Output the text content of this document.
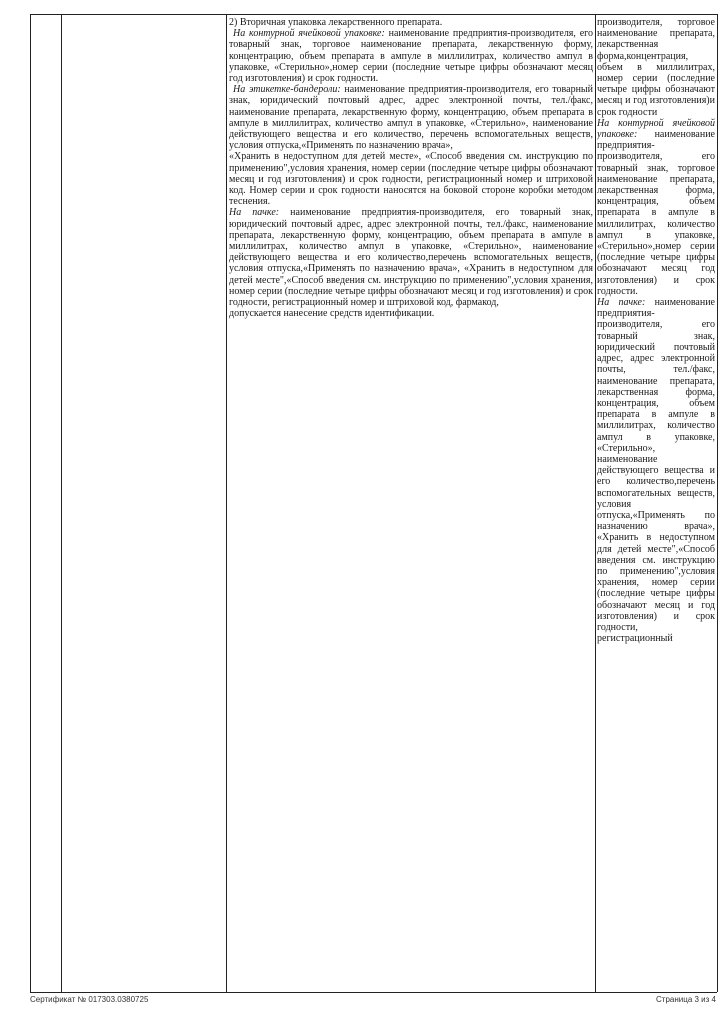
2) Вторичная упаковка лекарственного препарата.

На контурной ячейковой упаковке: наименование предприятия-производителя, его товарный знак, торговое наименование препарата, лекарственную форму, концентрацию, объем препарата в ампуле в миллилитрах, количество ампул в упаковке, «Стерильно»,номер серии (последние четыре цифры обозначают месяц год изготовления) и срок годности.

На этикетке-бандероли: наименование предприятия-производителя, его товарный знак, юридический почтовый адрес, адрес электронной почты, тел./факс, наименование препарата, лекарственную форму, концентрацию, объем препарата в ампуле в миллилитрах, количество ампул в упаковке, «Стерильно», наименование действующего вещества и его количество, перечень вспомогательных веществ, условия отпуска,«Применять по назначению врача»,

«Хранить в недоступном для детей месте», «Способ введения см. инструкцию по применению",условия хранения, номер серии (последние четыре цифры обозначают месяц и год изготовления) и срок годности, регистрационный номер и штриховой код. Номер серии и срок годности наносятся на боковой стороне коробки методом теснения.

На пачке: наименование предприятия-производителя, его товарный знак, юридический почтовый адрес, адрес электронной почты, тел./факс, наименование препарата, лекарственную форму, концентрацию, объем препарата в ампуле в миллилитрах, количество ампул в упаковке, «Стерильно», наименование действующего вещества и его количество,перечень вспомогательных веществ, условия отпуска,«Применять по назначению врача», «Хранить в недоступном для детей месте",«Способ введения см. инструкцию по применению",условия хранения, номер серии (последние четыре цифры обозначают месяц и год изготовления) и срок годности, регистрационный номер и штриховой код, фармакод,

допускается нанесение средств идентификации.

производителя, торговое наименование препарата, лекарственная форма,концентрация, объем в миллилитрах, номер серии (последние четыре цифры обозначают месяц и год изготовления)и срок годности

На контурной ячейковой упаковке: наименование предприятия-производителя, его товарный знак, торговое наименование препарата, лекарственная форма, концентрация, объем препарата в ампуле в миллилитрах, количество ампул в упаковке, «Стерильно»,номер серии (последние четыре цифры обозначают месяц год изготовления) и срок годности.

На пачке: наименование предприятия-производителя, его товарный знак, юридический почтовый адрес, адрес электронной почты, тел./факс, наименование препарата, лекарственная форма, концентрация, объем препарата в ампуле в миллилитрах, количество ампул в упаковке, «Стерильно», наименование действующего вещества и его количество,перечень вспомогательных веществ, условия отпуска,«Применять по назначению врача», «Хранить в недоступном для детей месте",«Способ введения см. инструкцию по применению",условия хранения, номер серии (последние четыре цифры обозначают месяц и год изготовления) и срок годности, регистрационный

Сертификат № 017303.0380725	Страница 3 из 4
